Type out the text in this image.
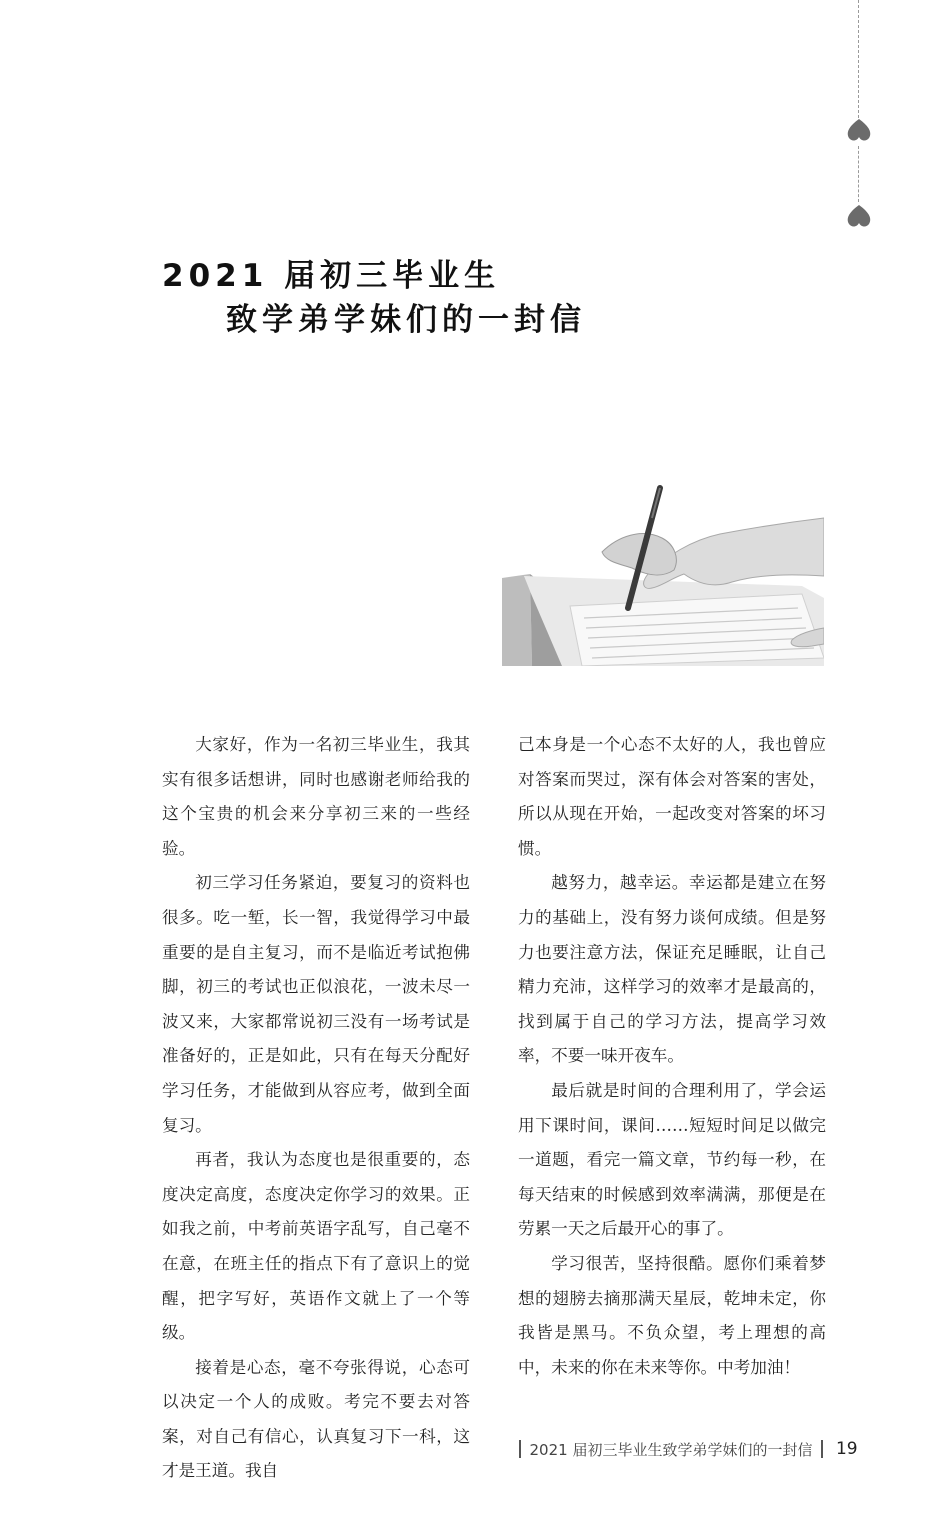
2021 届初三毕业生
致学弟学妹们的一封信

大家好，作为一名初三毕业生，我其实有很多话想讲，同时也感谢老师给我的这个宝贵的机会来分享初三来的一些经验。

初三学习任务紧迫，要复习的资料也很多。吃一堑，长一智，我觉得学习中最重要的是自主复习，而不是临近考试抱佛脚，初三的考试也正似浪花，一波未尽一波又来，大家都常说初三没有一场考试是准备好的，正是如此，只有在每天分配好学习任务，才能做到从容应考，做到全面复习。

再者，我认为态度也是很重要的，态度决定高度，态度决定你学习的效果。正如我之前，中考前英语字乱写，自己毫不在意，在班主任的指点下有了意识上的觉醒，把字写好，英语作文就上了一个等级。

接着是心态，毫不夸张得说，心态可以决定一个人的成败。考完不要去对答案，对自己有信心，认真复习下一科，这才是王道。我自

己本身是一个心态不太好的人，我也曾应对答案而哭过，深有体会对答案的害处，所以从现在开始，一起改变对答案的坏习惯。

越努力，越幸运。幸运都是建立在努力的基础上，没有努力谈何成绩。但是努力也要注意方法，保证充足睡眠，让自己精力充沛，这样学习的效率才是最高的，找到属于自己的学习方法，提高学习效率，不要一味开夜车。

最后就是时间的合理利用了，学会运用下课时间，课间……短短时间足以做完一道题，看完一篇文章，节约每一秒，在每天结束的时候感到效率满满，那便是在劳累一天之后最开心的事了。

学习很苦，坚持很酷。愿你们乘着梦想的翅膀去摘那满天星辰，乾坤未定，你我皆是黑马。不负众望，考上理想的高中，未来的你在未来等你。中考加油！

2021 届初三毕业生致学弟学妹们的一封信 19
